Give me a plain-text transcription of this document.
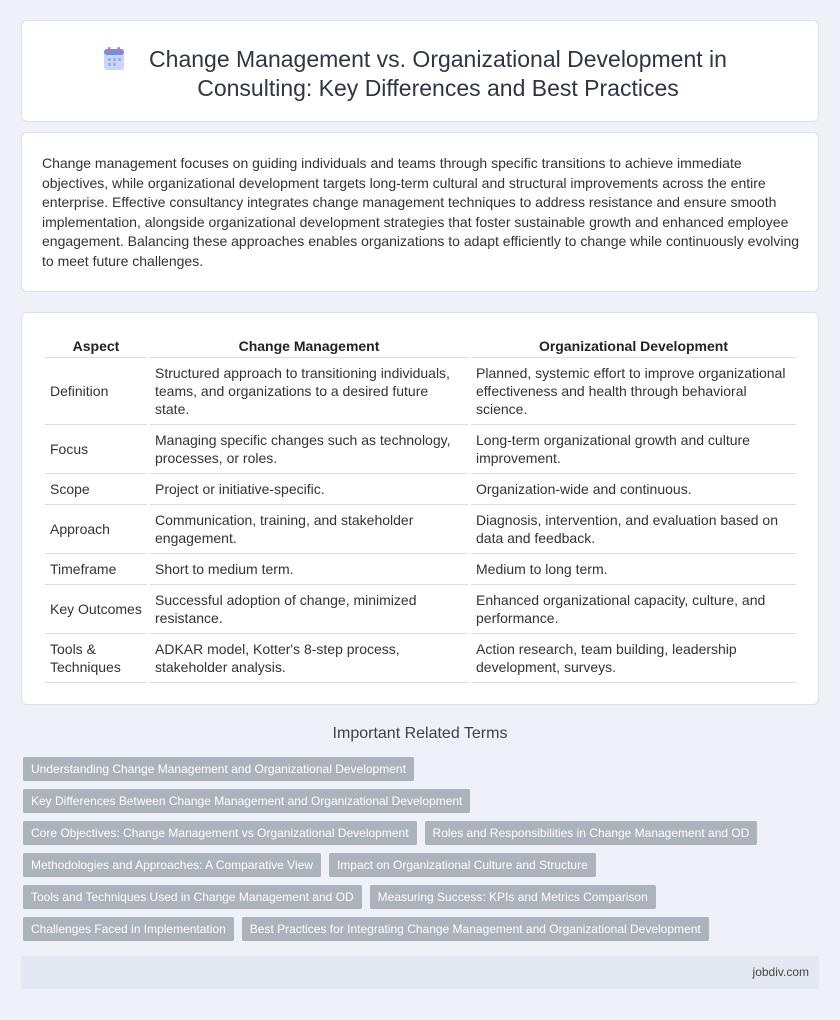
Change Management vs. Organizational Development in Consulting: Key Differences and Best Practices

Change management focuses on guiding individuals and teams through specific transitions to achieve immediate objectives, while organizational development targets long-term cultural and structural improvements across the entire enterprise. Effective consultancy integrates change management techniques to address resistance and ensure smooth implementation, alongside organizational development strategies that foster sustainable growth and enhanced employee engagement. Balancing these approaches enables organizations to adapt efficiently to change while continuously evolving to meet future challenges.

Aspect	Change Management	Organizational Development
Definition	Structured approach to transitioning individuals, teams, and organizations to a desired future state.	Planned, systemic effort to improve organizational effectiveness and health through behavioral science.
Focus	Managing specific changes such as technology, processes, or roles.	Long-term organizational growth and culture improvement.
Scope	Project or initiative-specific.	Organization-wide and continuous.
Approach	Communication, training, and stakeholder engagement.	Diagnosis, intervention, and evaluation based on data and feedback.
Timeframe	Short to medium term.	Medium to long term.
Key Outcomes	Successful adoption of change, minimized resistance.	Enhanced organizational capacity, culture, and performance.
Tools & Techniques	ADKAR model, Kotter's 8-step process, stakeholder analysis.	Action research, team building, leadership development, surveys.
Important Related Terms
Understanding Change Management and Organizational Development
Key Differences Between Change Management and Organizational Development
Core Objectives: Change Management vs Organizational Development	Roles and Responsibilities in Change Management and OD
Methodologies and Approaches: A Comparative View	Impact on Organizational Culture and Structure
Tools and Techniques Used in Change Management and OD	Measuring Success: KPIs and Metrics Comparison
Challenges Faced in Implementation	Best Practices for Integrating Change Management and Organizational Development
jobdiv.com
